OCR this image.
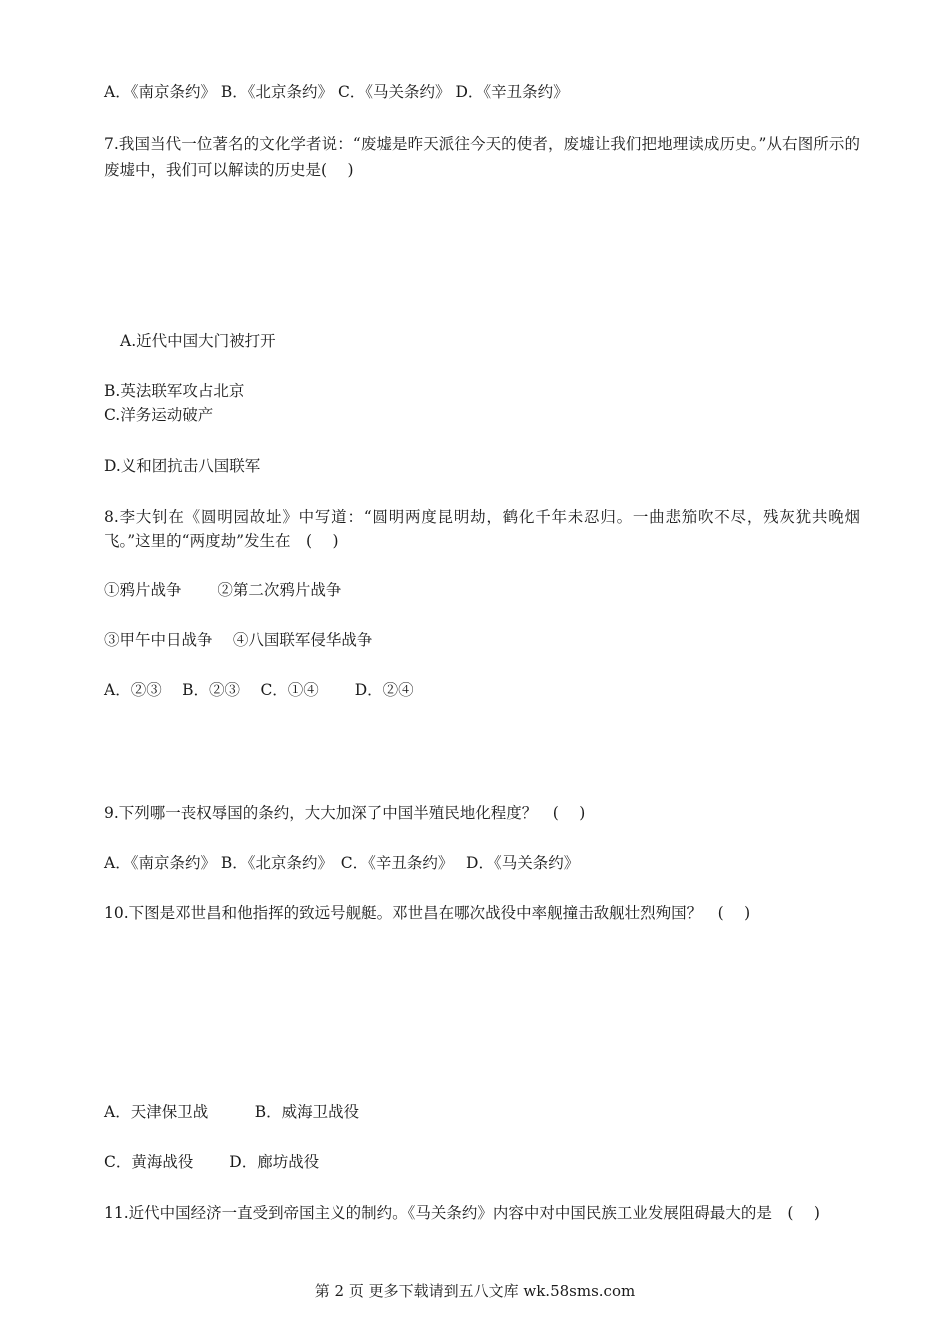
A．《南京条约》 B．《北京条约》 C．《马关条约》 D．《辛丑条约》
7.我国当代一位著名的文化学者说：“废墟是昨天派往今天的使者，废墟让我们把地理读成历史。”从右图所示的废墟中，我们可以解读的历史是(　 )
A.近代中国大门被打开
B.英法联军攻占北京
C.洋务运动破产
D.义和团抗击八国联军
8.李大钊在《圆明园故址》中写道：“圆明两度昆明劫，鹤化千年未忍归。一曲悲笳吹不尽，残灰犹共晚烟飞。”这里的“两度劫”发生在　(　 )
①鸦片战争　　 ②第二次鸦片战争
③甲午中日战争　 ④八国联军侵华战争
A．②③　 B．②③　 C．①④　　 D．②④
9.下列哪一丧权辱国的条约，大大加深了中国半殖民地化程度？　(　 )
A．《南京条约》 B．《北京条约》　C．《辛丑条约》　 D．《马关条约》
10.下图是邓世昌和他指挥的致远号舰艇。邓世昌在哪次战役中率舰撞击敌舰壮烈殉国？　(　 )
A．天津保卫战　　　B．威海卫战役
C．黄海战役　　 D．廊坊战役
11.近代中国经济一直受到帝国主义的制约。《马关条约》内容中对中国民族工业发展阻碍最大的是　(　 )
第 2 页 更多下载请到五八文库 wk.58sms.com
